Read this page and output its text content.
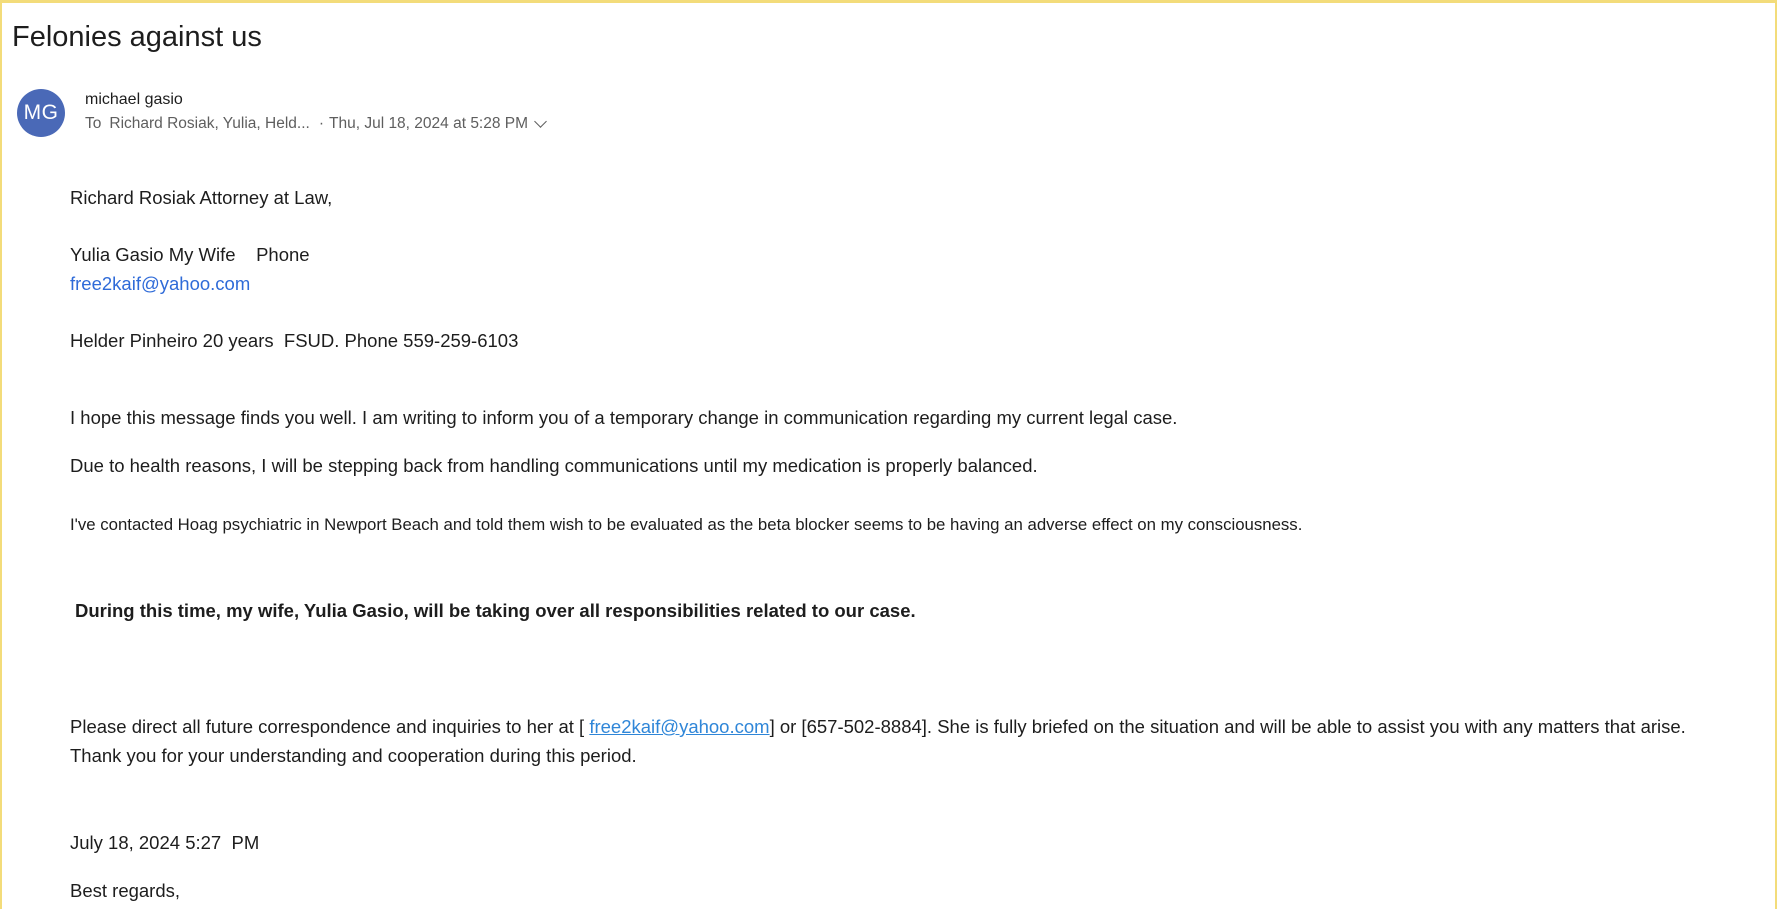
Felonies against us
MG
michael gasio
To Richard Rosiak, Yulia, Held... · Thu, Jul 18, 2024 at 5:28 PM
Richard Rosiak Attorney at Law,
Yulia Gasio My Wife    Phone
free2kaif@yahoo.com
Helder Pinheiro 20 years  FSUD. Phone 559-259-6103
I hope this message finds you well. I am writing to inform you of a temporary change in communication regarding my current legal case.
Due to health reasons, I will be stepping back from handling communications until my medication is properly balanced.
I've contacted Hoag psychiatric in Newport Beach and told them wish to be evaluated as the beta blocker seems to be having an adverse effect on my consciousness.
During this time, my wife, Yulia Gasio, will be taking over all responsibilities related to our case.
Please direct all future correspondence and inquiries to her at [ free2kaif@yahoo.com] or [657-502-8884]. She is fully briefed on the situation and will be able to assist you with any matters that arise.
Thank you for your understanding and cooperation during this period.
July 18, 2024 5:27  PM
Best regards,
